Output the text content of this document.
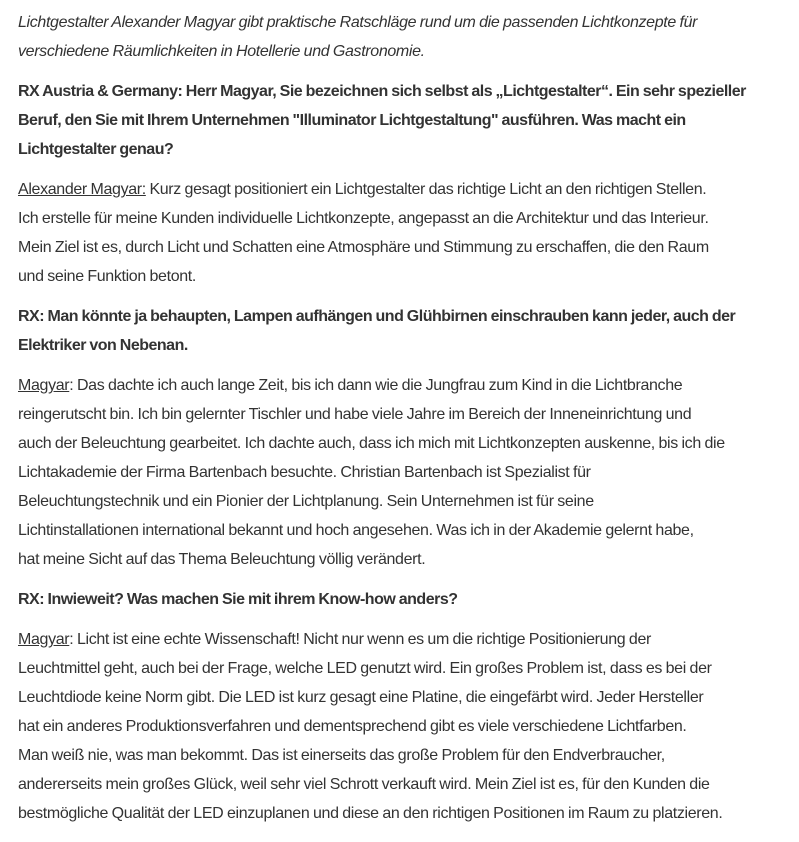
Lichtgestalter Alexander Magyar gibt praktische Ratschläge rund um die passenden Lichtkonzepte für
verschiedene Räumlichkeiten in Hotellerie und Gastronomie.

RX Austria & Germany: Herr Magyar, Sie bezeichnen sich selbst als „Lichtgestalter“. Ein sehr spezieller
Beruf, den Sie mit Ihrem Unternehmen "Illuminator Lichtgestaltung" ausführen. Was macht ein
Lichtgestalter genau?

Alexander Magyar: Kurz gesagt positioniert ein Lichtgestalter das richtige Licht an den richtigen Stellen.
Ich erstelle für meine Kunden individuelle Lichtkonzepte, angepasst an die Architektur und das Interieur.
Mein Ziel ist es, durch Licht und Schatten eine Atmosphäre und Stimmung zu erschaffen, die den Raum
und seine Funktion betont.

RX: Man könnte ja behaupten, Lampen aufhängen und Glühbirnen einschrauben kann jeder, auch der
Elektriker von Nebenan.

Magyar: Das dachte ich auch lange Zeit, bis ich dann wie die Jungfrau zum Kind in die Lichtbranche
reingerutscht bin. Ich bin gelernter Tischler und habe viele Jahre im Bereich der Inneneinrichtung und
auch der Beleuchtung gearbeitet. Ich dachte auch, dass ich mich mit Lichtkonzepten auskenne, bis ich die
Lichtakademie der Firma Bartenbach besuchte. Christian Bartenbach ist Spezialist für
Beleuchtungstechnik und ein Pionier der Lichtplanung. Sein Unternehmen ist für seine
Lichtinstallationen international bekannt und hoch angesehen. Was ich in der Akademie gelernt habe,
hat meine Sicht auf das Thema Beleuchtung völlig verändert.

RX: Inwieweit? Was machen Sie mit ihrem Know-how anders?

Magyar: Licht ist eine echte Wissenschaft! Nicht nur wenn es um die richtige Positionierung der
Leuchtmittel geht, auch bei der Frage, welche LED genutzt wird. Ein großes Problem ist, dass es bei der
Leuchtdiode keine Norm gibt. Die LED ist kurz gesagt eine Platine, die eingefärbt wird. Jeder Hersteller
hat ein anderes Produktionsverfahren und dementsprechend gibt es viele verschiedene Lichtfarben.
Man weiß nie, was man bekommt. Das ist einerseits das große Problem für den Endverbraucher,
andererseits mein großes Glück, weil sehr viel Schrott verkauft wird. Mein Ziel ist es, für den Kunden die
bestmögliche Qualität der LED einzuplanen und diese an den richtigen Positionen im Raum zu platzieren.
